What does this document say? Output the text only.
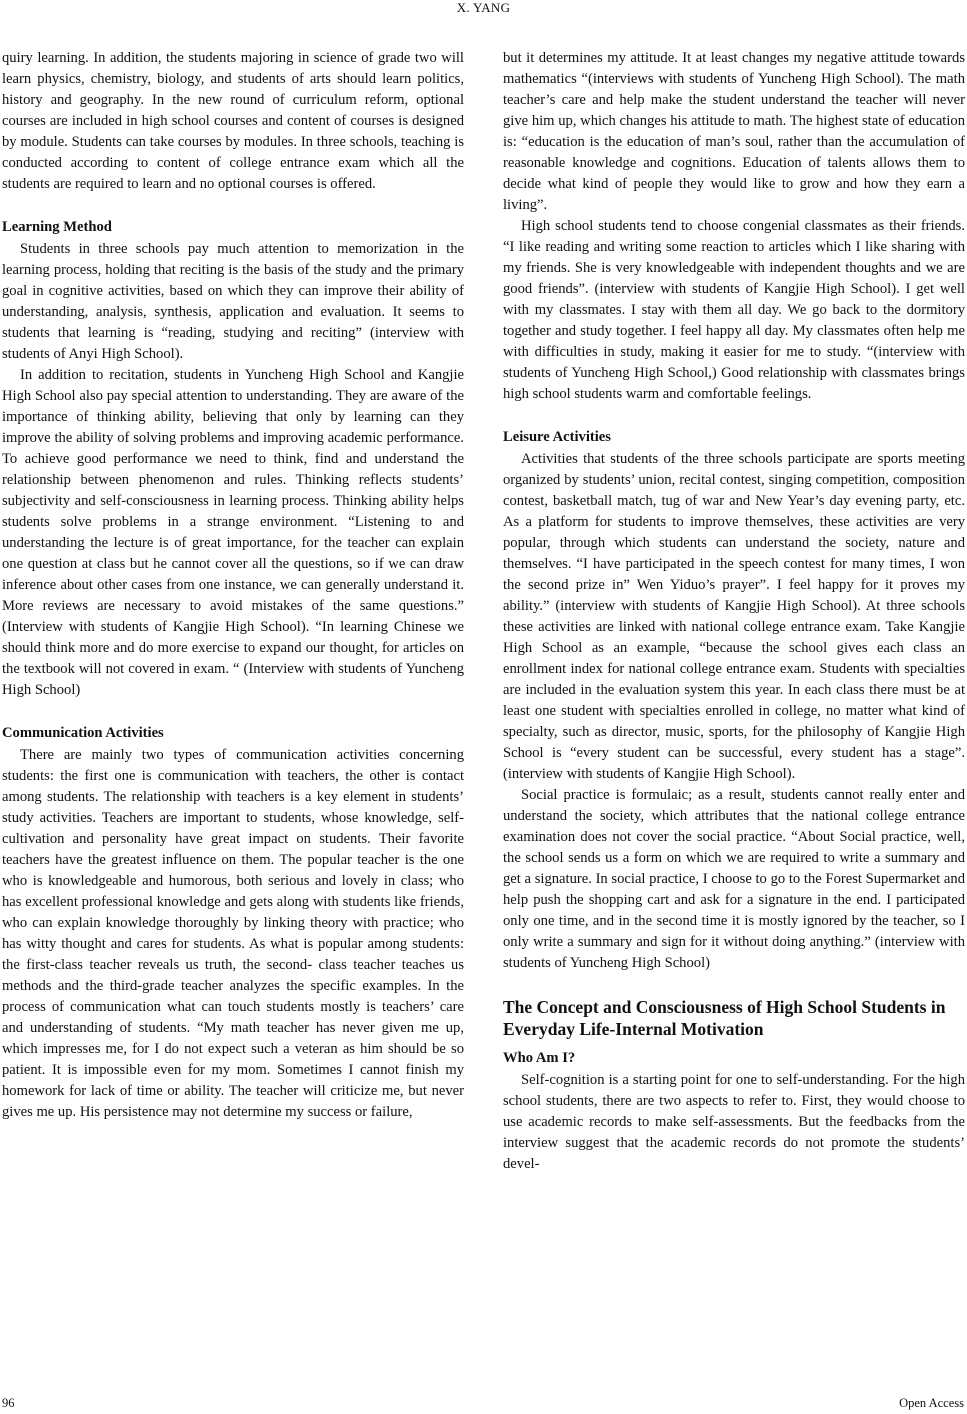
X. YANG

quiry learning. In addition, the students majoring in science of grade two will learn physics, chemistry, biology, and students of arts should learn politics, history and geography. In the new round of curriculum reform, optional courses are included in high school courses and content of courses is designed by module. Students can take courses by modules. In three schools, teaching is conducted according to content of college entrance exam which all the students are required to learn and no optional courses is offered.

Learning Method

Students in three schools pay much attention to memorization in the learning process, holding that reciting is the basis of the study and the primary goal in cognitive activities, based on which they can improve their ability of understanding, analysis, synthesis, application and evaluation. It seems to students that learning is “reading, studying and reciting” (interview with students of Anyi High School).

In addition to recitation, students in Yuncheng High School and Kangjie High School also pay special attention to understanding. They are aware of the importance of thinking ability, believing that only by learning can they improve the ability of solving problems and improving academic performance. To achieve good performance we need to think, find and understand the relationship between phenomenon and rules. Thinking reflects students’ subjectivity and self-consciousness in learning process. Thinking ability helps students solve problems in a strange environment. “Listening to and understanding the lecture is of great importance, for the teacher can explain one question at class but he cannot cover all the questions, so if we can draw inference about other cases from one instance, we can generally understand it. More reviews are necessary to avoid mistakes of the same questions.” (Interview with students of Kangjie High School). “In learning Chinese we should think more and do more exercise to expand our thought, for articles on the textbook will not covered in exam. “ (Interview with students of Yuncheng High School)

Communication Activities

There are mainly two types of communication activities concerning students: the first one is communication with teachers, the other is contact among students. The relationship with teachers is a key element in students’ study activities. Teachers are important to students, whose knowledge, self-cultivation and personality have great impact on students. Their favorite teachers have the greatest influence on them. The popular teacher is the one who is knowledgeable and humorous, both serious and lovely in class; who has excellent professional knowledge and gets along with students like friends, who can explain knowledge thoroughly by linking theory with practice; who has witty thought and cares for students. As what is popular among students: the first-class teacher reveals us truth, the second- class teacher teaches us methods and the third-grade teacher analyzes the specific examples. In the process of communication what can touch students mostly is teachers’ care and understanding of students. “My math teacher has never given me up, which impresses me, for I do not expect such a veteran as him should be so patient. It is impossible even for my mom. Sometimes I cannot finish my homework for lack of time or ability. The teacher will criticize me, but never gives me up. His persistence may not determine my success or failure,

but it determines my attitude. It at least changes my negative attitude towards mathematics “(interviews with students of Yuncheng High School). The math teacher’s care and help make the student understand the teacher will never give him up, which changes his attitude to math. The highest state of education is: “education is the education of man’s soul, rather than the accumulation of reasonable knowledge and cognitions. Education of talents allows them to decide what kind of people they would like to grow and how they earn a living”.

High school students tend to choose congenial classmates as their friends. “I like reading and writing some reaction to articles which I like sharing with my friends. She is very knowledgeable with independent thoughts and we are good friends”. (interview with students of Kangjie High School). I get well with my classmates. I stay with them all day. We go back to the dormitory together and study together. I feel happy all day. My classmates often help me with difficulties in study, making it easier for me to study. “(interview with students of Yuncheng High School,) Good relationship with classmates brings high school students warm and comfortable feelings.

Leisure Activities

Activities that students of the three schools participate are sports meeting organized by students’ union, recital contest, singing competition, composition contest, basketball match, tug of war and New Year’s day evening party, etc. As a platform for students to improve themselves, these activities are very popular, through which students can understand the society, nature and themselves. “I have participated in the speech contest for many times, I won the second prize in” Wen Yiduo’s prayer”. I feel happy for it proves my ability.” (interview with students of Kangjie High School). At three schools these activities are linked with national college entrance exam. Take Kangjie High School as an example, “because the school gives each class an enrollment index for national college entrance exam. Students with specialties are included in the evaluation system this year. In each class there must be at least one student with specialties enrolled in college, no matter what kind of specialty, such as director, music, sports, for the philosophy of Kangjie High School is “every student can be successful, every student has a stage”. (interview with students of Kangjie High School).

Social practice is formulaic; as a result, students cannot really enter and understand the society, which attributes that the national college entrance examination does not cover the social practice. “About Social practice, well, the school sends us a form on which we are required to write a summary and get a signature. In social practice, I choose to go to the Forest Supermarket and help push the shopping cart and ask for a signature in the end. I participated only one time, and in the second time it is mostly ignored by the teacher, so I only write a summary and sign for it without doing anything.” (interview with students of Yuncheng High School)

The Concept and Consciousness of High School Students in Everyday Life-Internal Motivation
Who Am I?

Self-cognition is a starting point for one to self-understanding. For the high school students, there are two aspects to refer to. First, they would choose to use academic records to make self-assessments. But the feedbacks from the interview suggest that the academic records do not promote the students’ devel-

96	Open Access
